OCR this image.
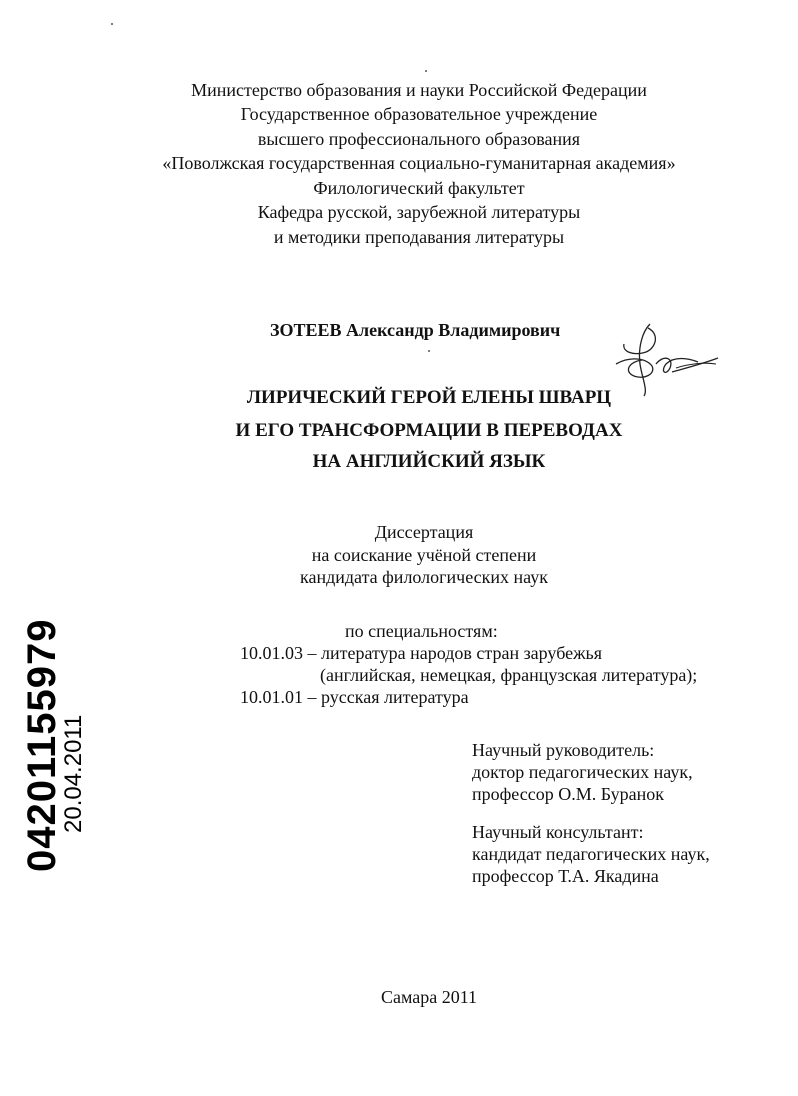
Министерство образования и науки Российской Федерации
Государственное образовательное учреждение
высшего профессионального образования
«Поволжская государственная социально-гуманитарная академия»
Филологический факультет
Кафедра русской, зарубежной литературы
и методики преподавания литературы
ЗОТЕЕВ Александр Владимирович
ЛИРИЧЕСКИЙ ГЕРОЙ ЕЛЕНЫ ШВАРЦ
И ЕГО ТРАНСФОРМАЦИИ В ПЕРЕВОДАХ
НА АНГЛИЙСКИЙ ЯЗЫК
Диссертация
на соискание учёной степени
кандидата филологических наук
по специальностям:
10.01.03 – литература народов стран зарубежья
(английская, немецкая, французская литература);
10.01.01 – русская литература
Научный руководитель:
доктор педагогических наук,
профессор О.М. Буранок
Научный консультант:
кандидат педагогических наук,
профессор Т.А. Якадина
Самара 2011
04201155979
20.04.2011
